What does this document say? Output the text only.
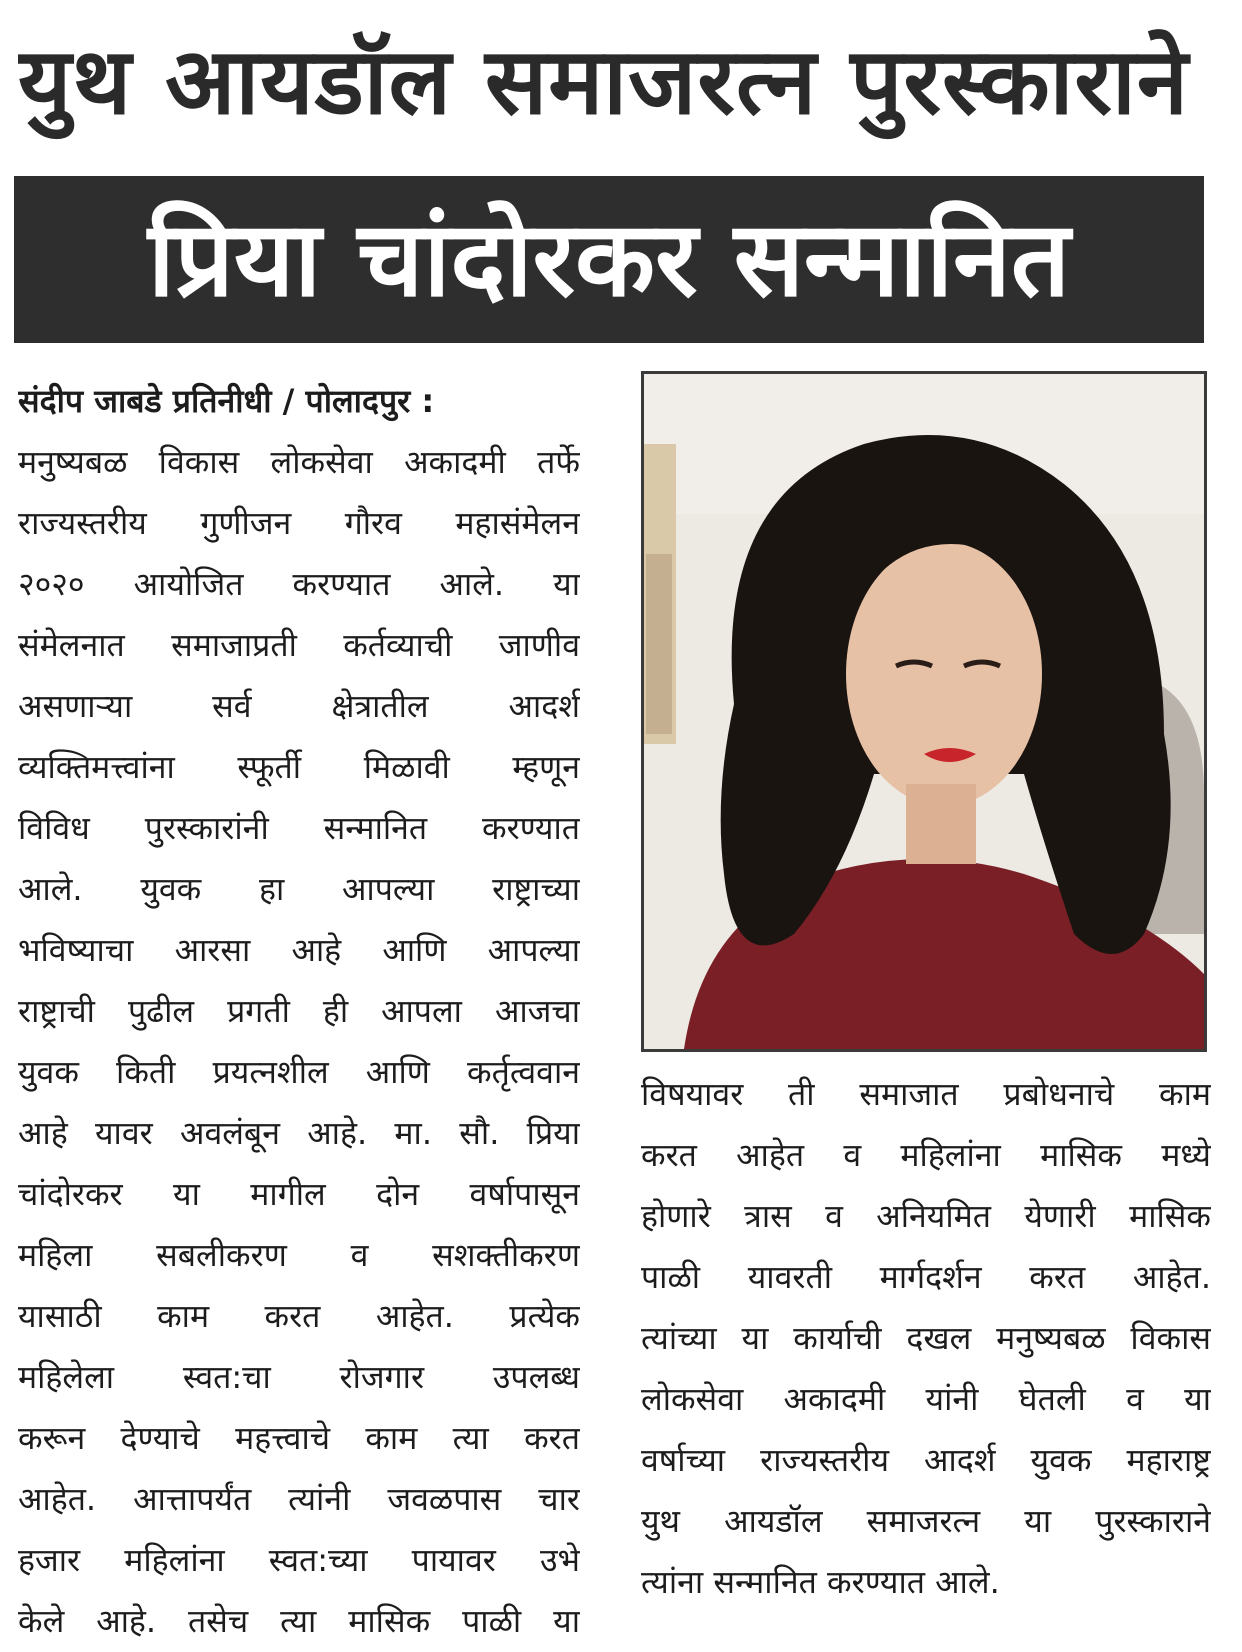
युथ आयडॉल समाजरत्न पुरस्काराने
प्रिया चांदोरकर सन्मानित
संदीप जाबडे प्रतिनीधी / पोलादपुर :
मनुष्यबळ विकास लोकसेवा अकादमी तर्फे
राज्यस्तरीय गुणीजन गौरव महासंमेलन
२०२० आयोजित करण्यात आले. या
संमेलनात समाजाप्रती कर्तव्याची जाणीव
असणाऱ्या सर्व क्षेत्रातील आदर्श
व्यक्तिमत्त्वांना स्फूर्ती मिळावी म्हणून
विविध पुरस्कारांनी सन्मानित करण्यात
आले. युवक हा आपल्या राष्ट्राच्या
भविष्याचा आरसा आहे आणि आपल्या
राष्ट्राची पुढील प्रगती ही आपला आजचा
युवक किती प्रयत्नशील आणि कर्तृत्ववान
आहे यावर अवलंबून आहे. मा. सौ. प्रिया
चांदोरकर या मागील दोन वर्षापासून
महिला सबलीकरण व सशक्तीकरण
यासाठी काम करत आहेत. प्रत्येक
महिलेला स्वत:चा रोजगार उपलब्ध
करून देण्याचे महत्त्वाचे काम त्या करत
आहेत. आत्तापर्यंत त्यांनी जवळपास चार
हजार महिलांना स्वत:च्या पायावर उभे
केले आहे. तसेच त्या मासिक पाळी या
विषयावर ती समाजात प्रबोधनाचे काम
करत आहेत व महिलांना मासिक मध्ये
होणारे त्रास व अनियमित येणारी मासिक
पाळी यावरती मार्गदर्शन करत आहेत.
त्यांच्या या कार्याची दखल मनुष्यबळ विकास
लोकसेवा अकादमी यांनी घेतली व या
वर्षाच्या राज्यस्तरीय आदर्श युवक महाराष्ट्र
युथ आयडॉल समाजरत्न या पुरस्काराने
त्यांना सन्मानित करण्यात आले.
